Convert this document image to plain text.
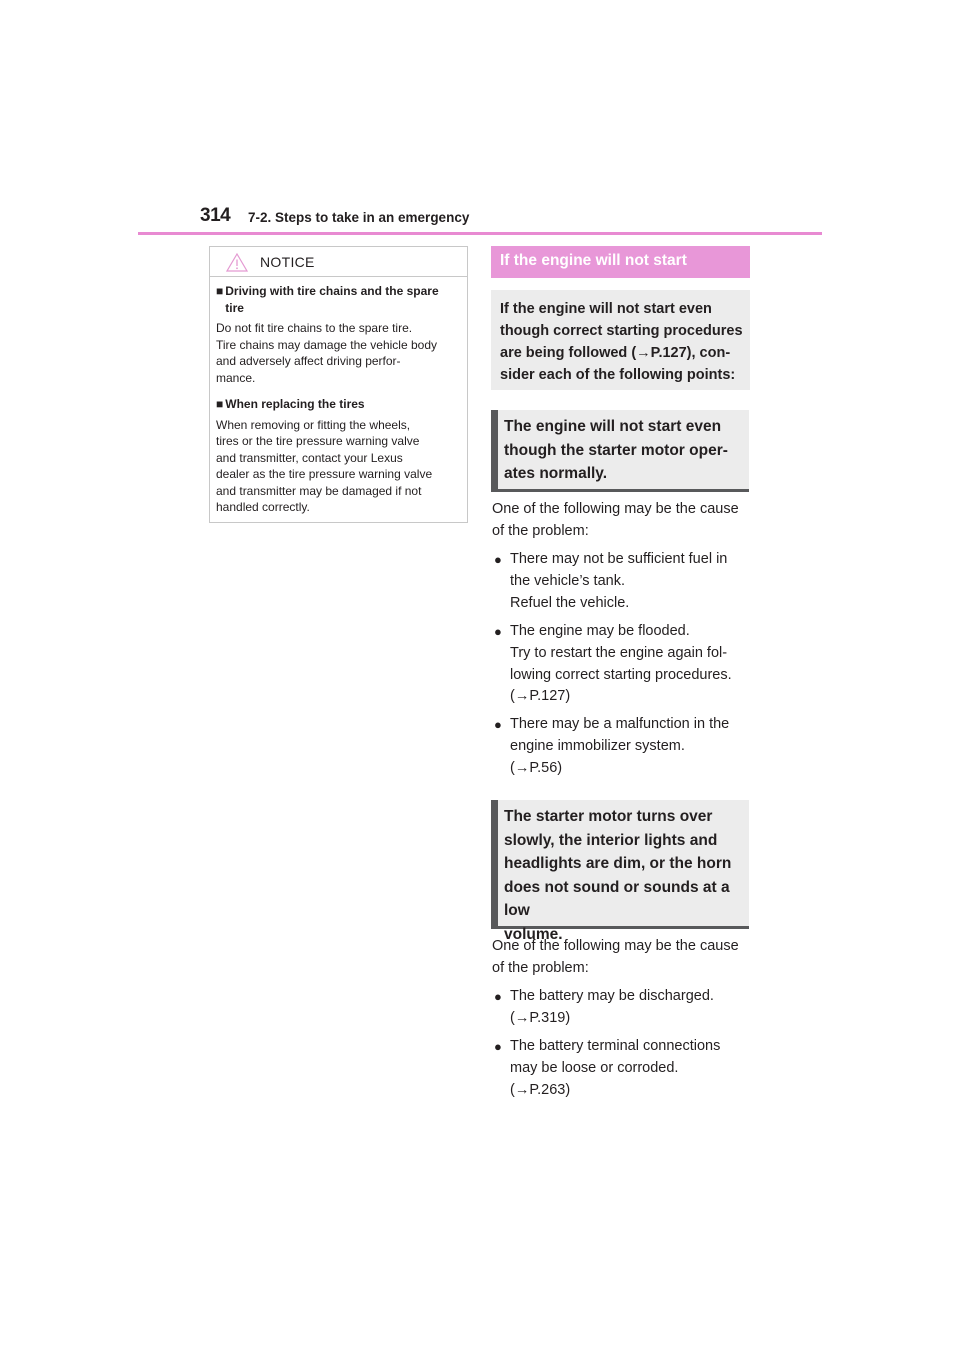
314 7-2. Steps to take in an emergency
NOTICE
■ Driving with tire chains and the spare
tire
Do not fit tire chains to the spare tire.
Tire chains may damage the vehicle body
and adversely affect driving perfor-
mance.
■ When replacing the tires
When removing or fitting the wheels,
tires or the tire pressure warning valve
and transmitter, contact your Lexus
dealer as the tire pressure warning valve
and transmitter may be damaged if not
handled correctly.
If the engine will not start
If the engine will not start even
though correct starting procedures
are being followed (→P.127), con-
sider each of the following points:
The engine will not start even
though the starter motor oper-
ates normally.
One of the following may be the cause
of the problem:
● There may not be sufficient fuel in
the vehicle’s tank.
Refuel the vehicle.
● The engine may be flooded.
Try to restart the engine again fol-
lowing correct starting procedures.
(→P.127)
● There may be a malfunction in the
engine immobilizer system.
(→P.56)
The starter motor turns over
slowly, the interior lights and
headlights are dim, or the horn
does not sound or sounds at a low
volume.
One of the following may be the cause
of the problem:
● The battery may be discharged.
(→P.319)
● The battery terminal connections
may be loose or corroded.
(→P.263)
